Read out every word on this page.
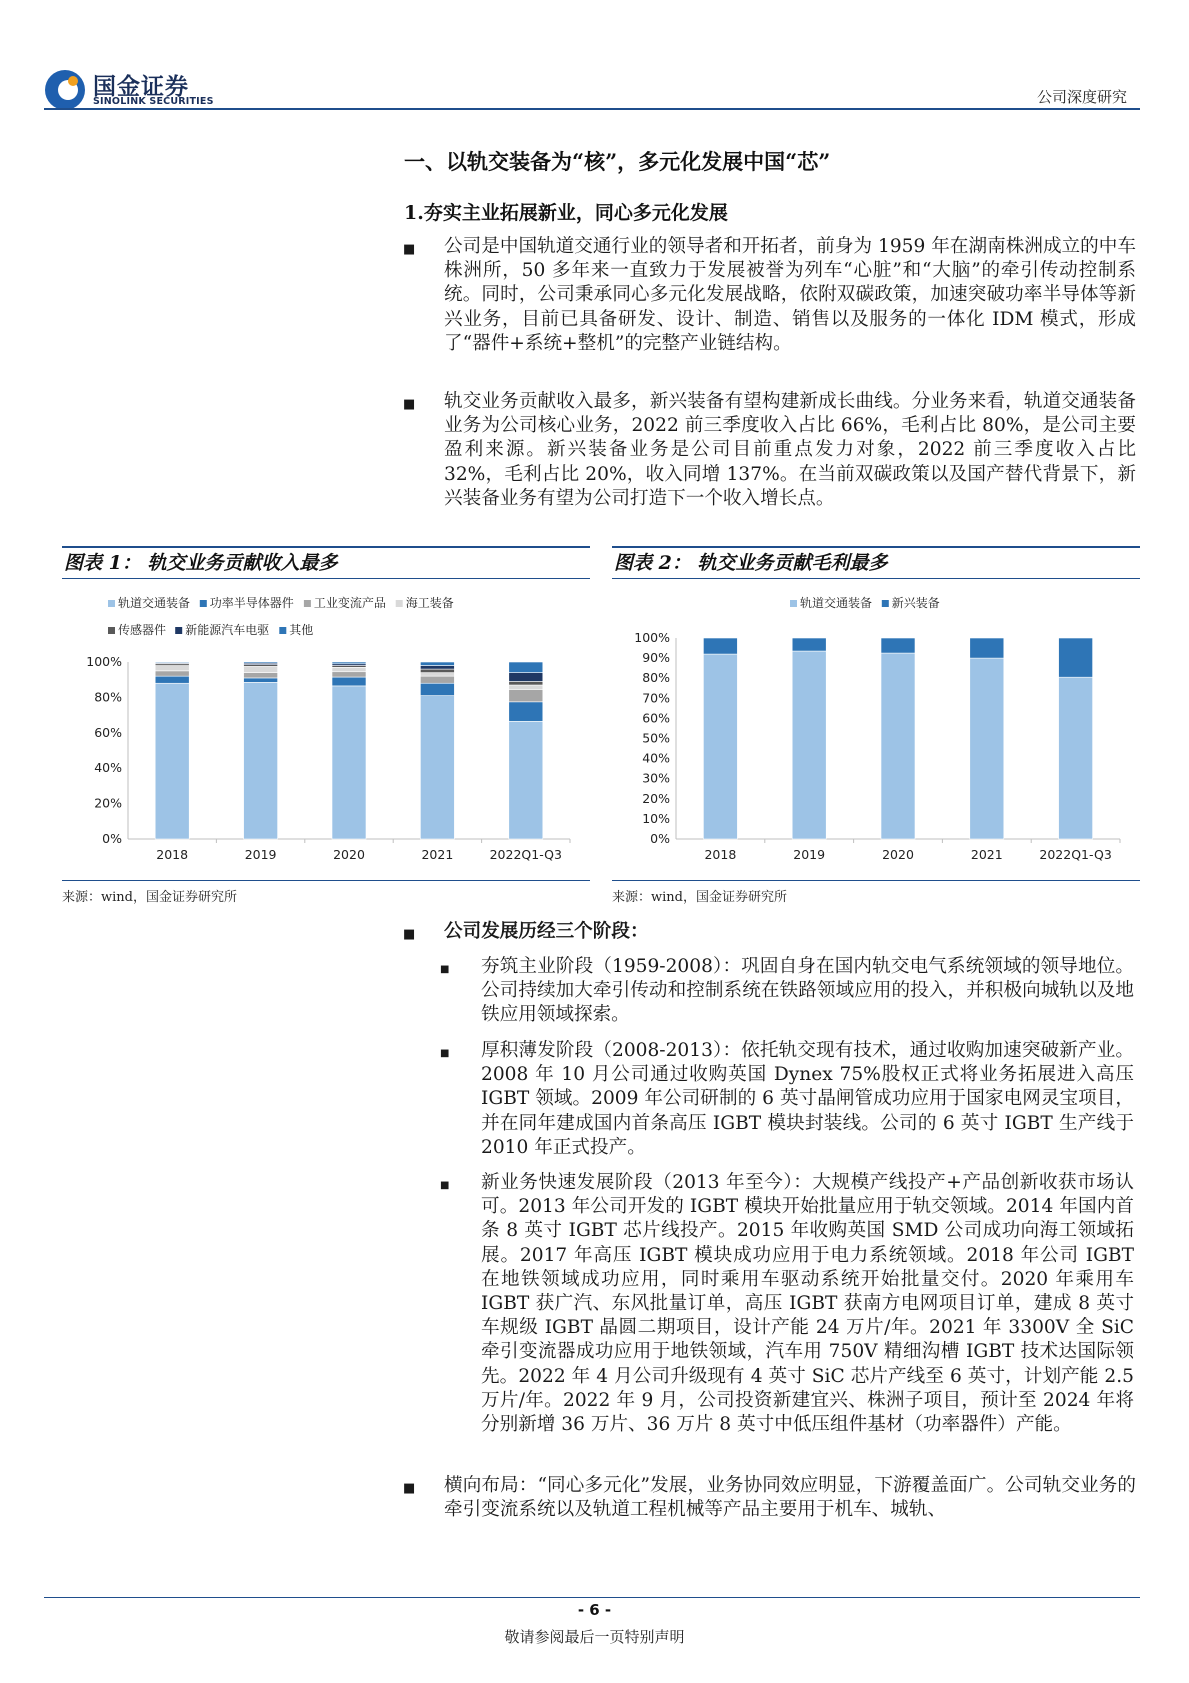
国金证券
SINOLINK SECURITIES	公司深度研究
一、以轨交装备为“核”，多元化发展中国“芯”
1.夯实主业拓展新业，同心多元化发展
■ 公司是中国轨道交通行业的领导者和开拓者，前身为 1959 年在湖南株洲成立的中车株洲所，50 多年来一直致力于发展被誉为列车“心脏”和“大脑”的牵引传动控制系统。同时，公司秉承同心多元化发展战略，依附双碳政策，加速突破功率半导体等新兴业务，目前已具备研发、设计、制造、销售以及服务的一体化 IDM 模式，形成了“器件+系统+整机”的完整产业链结构。
■ 轨交业务贡献收入最多，新兴装备有望构建新成长曲线。分业务来看，轨道交通装备业务为公司核心业务，2022 前三季度收入占比 66%，毛利占比 80%，是公司主要盈利来源。新兴装备业务是公司目前重点发力对象，2022 前三季度收入占比 32%，毛利占比 20%，收入同增 137%。在当前双碳政策以及国产替代背景下，新兴装备业务有望为公司打造下一个收入增长点。
图表 1： 轨交业务贡献收入最多
轨道交通装备 功率半导体器件 工业变流产品 海工装备
传感器件 新能源汽车电驱 其他
0%
20%
40%
60%
80%
100%
2018	2019	2020	2021	2022Q1-Q3
来源：wind，国金证券研究所
图表 2： 轨交业务贡献毛利最多
轨道交通装备 新兴装备
0%
10%
20%
30%
40%
50%
60%
70%
80%
90%
100%
2018	2019	2020	2021	2022Q1-Q3
来源：wind，国金证券研究所
■ 公司发展历经三个阶段：
■ 夯筑主业阶段（1959-2008）：巩固自身在国内轨交电气系统领域的领导地位。公司持续加大牵引传动和控制系统在铁路领域应用的投入，并积极向城轨以及地铁应用领域探索。
■ 厚积薄发阶段（2008-2013）：依托轨交现有技术，通过收购加速突破新产业。2008 年 10 月公司通过收购英国 Dynex 75%股权正式将业务拓展进入高压 IGBT 领域。2009 年公司研制的 6 英寸晶闸管成功应用于国家电网灵宝项目，并在同年建成国内首条高压 IGBT 模块封装线。公司的 6 英寸 IGBT 生产线于 2010 年正式投产。
■ 新业务快速发展阶段（2013 年至今）：大规模产线投产+产品创新收获市场认可。2013 年公司开发的 IGBT 模块开始批量应用于轨交领域。2014 年国内首条 8 英寸 IGBT 芯片线投产。2015 年收购英国 SMD 公司成功向海工领域拓展。2017 年高压 IGBT 模块成功应用于电力系统领域。2018 年公司 IGBT 在地铁领域成功应用，同时乘用车驱动系统开始批量交付。2020 年乘用车 IGBT 获广汽、东风批量订单，高压 IGBT 获南方电网项目订单，建成 8 英寸车规级 IGBT 晶圆二期项目，设计产能 24 万片/年。2021 年 3300V 全 SiC 牵引变流器成功应用于地铁领域，汽车用 750V 精细沟槽 IGBT 技术达国际领先。2022 年 4 月公司升级现有 4 英寸 SiC 芯片产线至 6 英寸，计划产能 2.5 万片/年。2022 年 9 月，公司投资新建宜兴、株洲子项目，预计至 2024 年将分别新增 36 万片、36 万片 8 英寸中低压组件基材（功率器件）产能。
■ 横向布局：“同心多元化”发展，业务协同效应明显，下游覆盖面广。公司轨交业务的牵引变流系统以及轨道工程机械等产品主要用于机车、城轨、
- 6 -
敬请参阅最后一页特别声明
